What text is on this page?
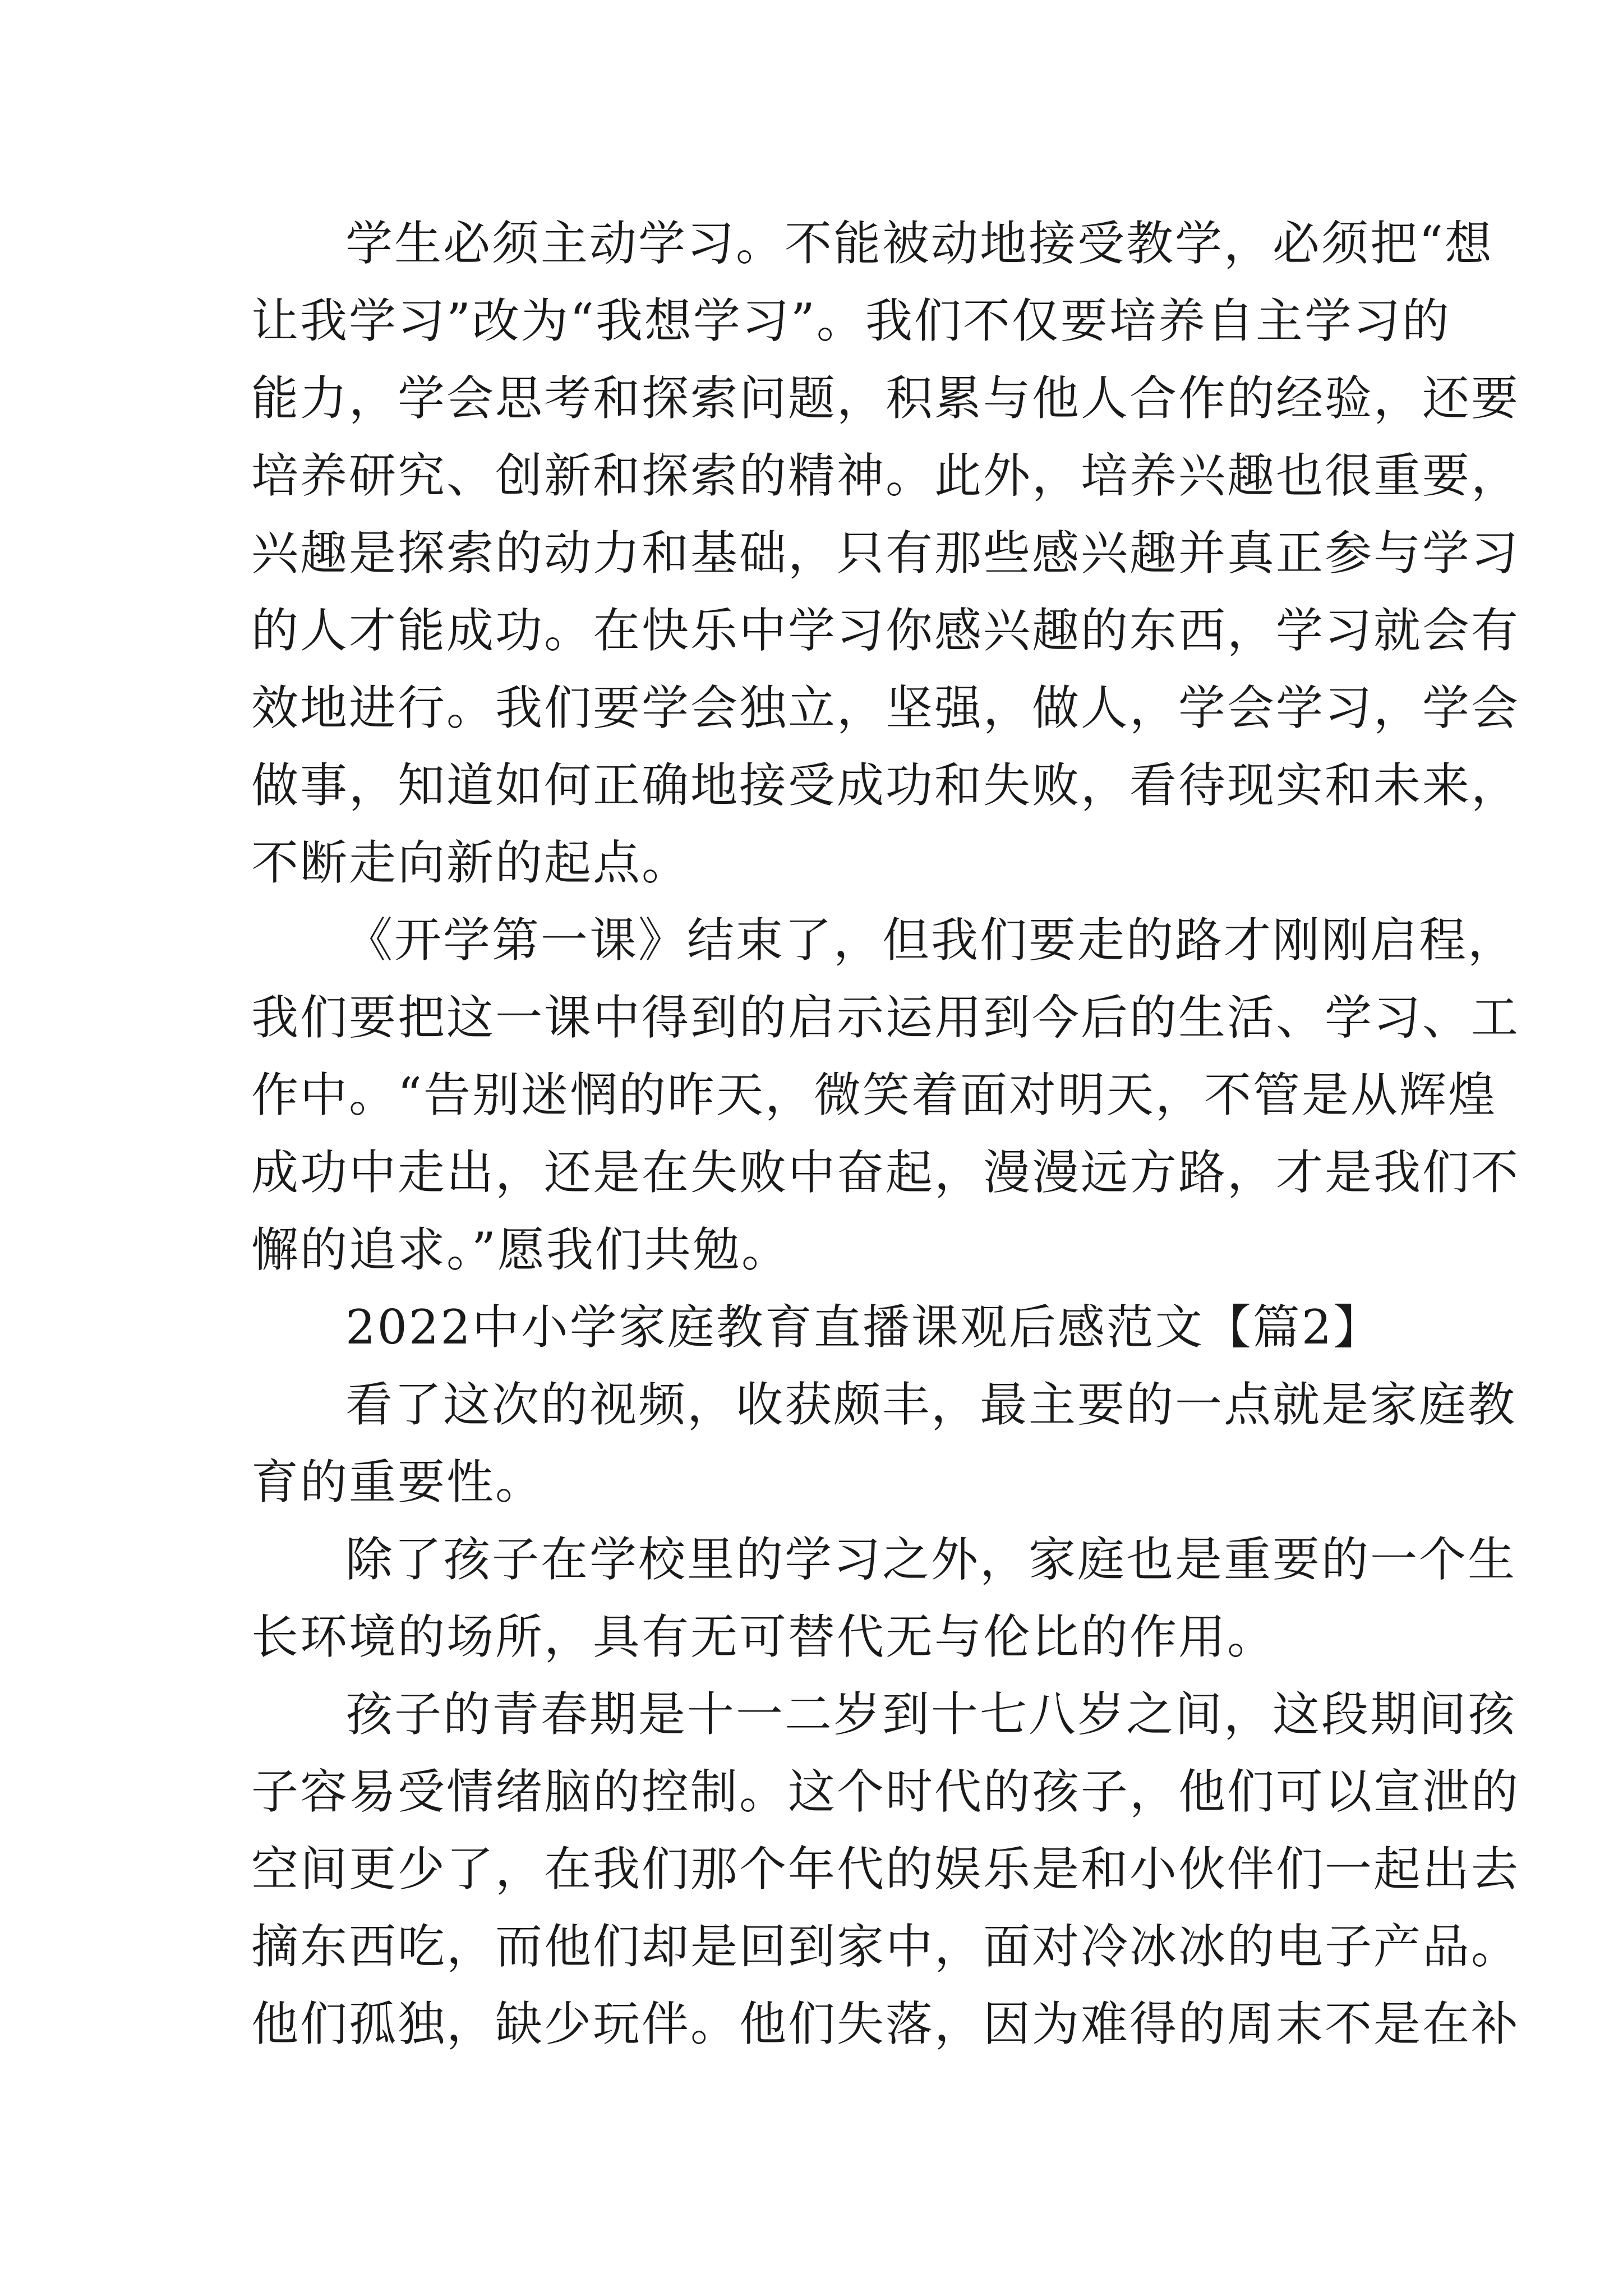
学生必须主动学习。不能被动地接受教学，必须把“想
让我学习”改为“我想学习”。我们不仅要培养自主学习的
能力，学会思考和探索问题，积累与他人合作的经验，还要
培养研究、创新和探索的精神。此外，培养兴趣也很重要，
兴趣是探索的动力和基础，只有那些感兴趣并真正参与学习
的人才能成功。在快乐中学习你感兴趣的东西，学习就会有
效地进行。我们要学会独立，坚强，做人，学会学习，学会
做事，知道如何正确地接受成功和失败，看待现实和未来，
不断走向新的起点。
《开学第一课》结束了，但我们要走的路才刚刚启程，
我们要把这一课中得到的启示运用到今后的生活、学习、工
作中。“告别迷惘的昨天，微笑着面对明天，不管是从辉煌
成功中走出，还是在失败中奋起，漫漫远方路，才是我们不
懈的追求。”愿我们共勉。
2022中小学家庭教育直播课观后感范文【篇2】
看了这次的视频，收获颇丰，最主要的一点就是家庭教
育的重要性。
除了孩子在学校里的学习之外，家庭也是重要的一个生
长环境的场所，具有无可替代无与伦比的作用。
孩子的青春期是十一二岁到十七八岁之间，这段期间孩
子容易受情绪脑的控制。这个时代的孩子，他们可以宣泄的
空间更少了，在我们那个年代的娱乐是和小伙伴们一起出去
摘东西吃，而他们却是回到家中，面对冷冰冰的电子产品。
他们孤独，缺少玩伴。他们失落，因为难得的周末不是在补
